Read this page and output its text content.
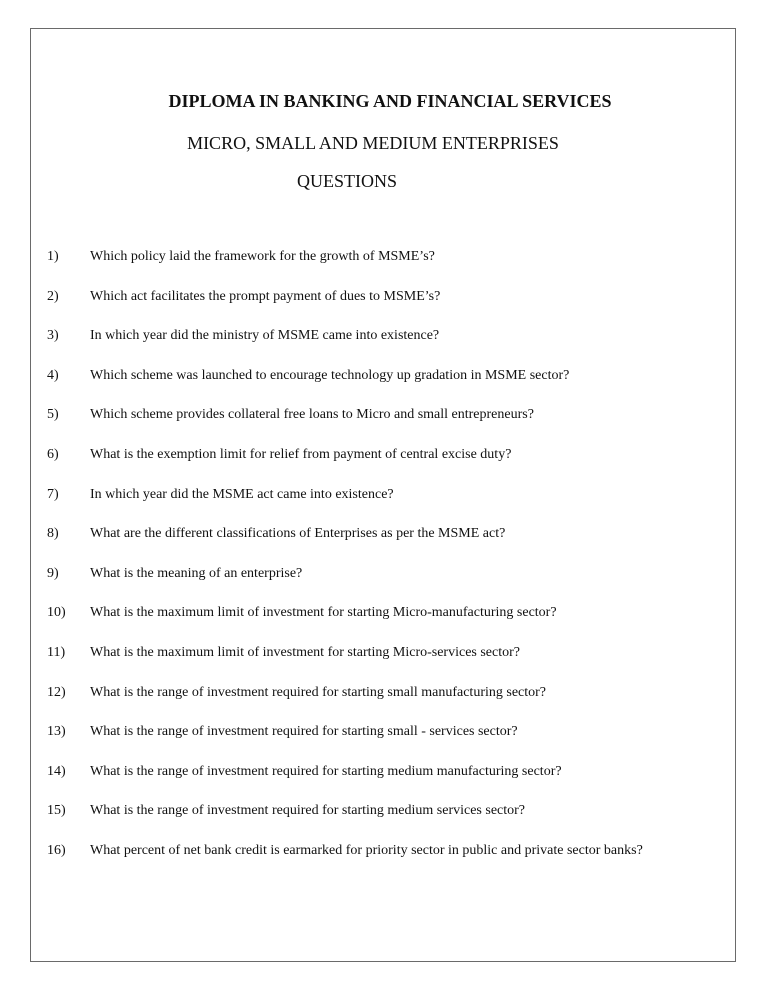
DIPLOMA IN BANKING AND FINANCIAL SERVICES
MICRO, SMALL AND MEDIUM ENTERPRISES
QUESTIONS
1)	Which policy laid the framework for the growth of MSME’s?
2)	Which act facilitates the prompt payment of dues to MSME’s?
3)	In which year did the ministry of MSME came into existence?
4)	Which scheme was launched to encourage technology up gradation in MSME sector?
5)	Which scheme provides collateral free loans to Micro and small entrepreneurs?
6)	What is the exemption limit for relief from payment of central excise duty?
7)	In which year did the MSME act came into existence?
8)	What are the different classifications of Enterprises as per the MSME act?
9)	What is the meaning of an enterprise?
10)	What is the maximum limit of investment for starting Micro-manufacturing sector?
11)	What is the maximum limit of investment for starting Micro-services sector?
12)	What is the range of investment required for starting small manufacturing sector?
13)	What is the range of investment required for starting small - services sector?
14)	What is the range of investment required for starting medium manufacturing sector?
15)	What is the range of investment required for starting medium services sector?
16)	What percent of net bank credit is earmarked for priority sector in public and private sector banks?
